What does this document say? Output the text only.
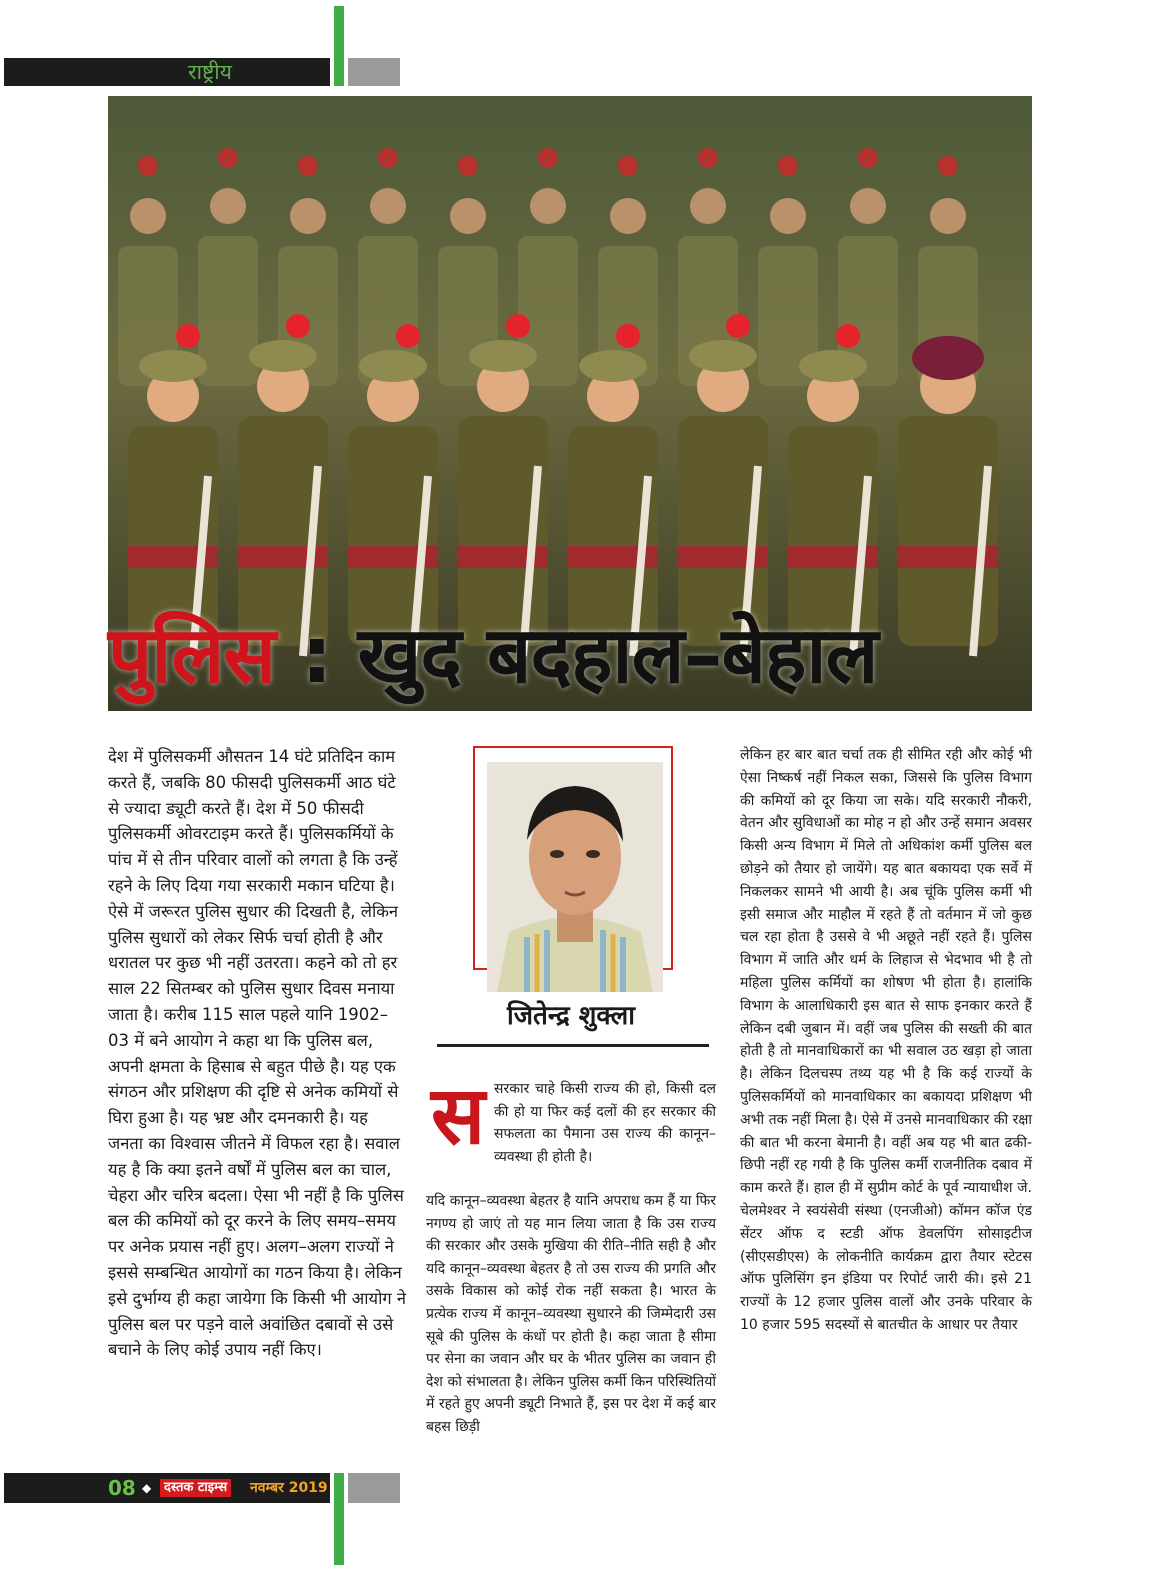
राष्ट्रीय
पुलिस : खुद बदहाल–बेहाल

देश में पुलिसकर्मी औसतन 14 घंटे प्रतिदिन काम करते हैं, जबकि 80 फीसदी पुलिसकर्मी आठ घंटे से ज्यादा ड्यूटी करते हैं। देश में 50 फीसदी पुलिसकर्मी ओवरटाइम करते हैं। पुलिसकर्मियों के पांच में से तीन परिवार वालों को लगता है कि उन्हें रहने के लिए दिया गया सरकारी मकान घटिया है। ऐसे में जरूरत पुलिस सुधार की दिखती है, लेकिन पुलिस सुधारों को लेकर सिर्फ चर्चा होती है और धरातल पर कुछ भी नहीं उतरता। कहने को तो हर साल 22 सितम्बर को पुलिस सुधार दिवस मनाया जाता है। करीब 115 साल पहले यानि 1902–03 में बने आयोग ने कहा था कि पुलिस बल, अपनी क्षमता के हिसाब से बहुत पीछे है। यह एक संगठन और प्रशिक्षण की दृष्टि से अनेक कमियों से घिरा हुआ है। यह भ्रष्ट और दमनकारी है। यह जनता का विश्वास जीतने में विफल रहा है। सवाल यह है कि क्या इतने वर्षों में पुलिस बल का चाल, चेहरा और चरित्र बदला। ऐसा भी नहीं है कि पुलिस बल की कमियों को दूर करने के लिए समय–समय पर अनेक प्रयास नहीं हुए। अलग–अलग राज्यों ने इससे सम्बन्धित आयोगों का गठन किया है। लेकिन इसे दुर्भाग्य ही कहा जायेगा कि किसी भी आयोग ने पुलिस बल पर पड़ने वाले अवांछित दबावों से उसे बचाने के लिए कोई उपाय नहीं किए।

जितेन्द्र शुक्ला
स सरकार चाहे किसी राज्य की हो, किसी दल की हो या फिर कई दलों की हर सरकार की सफलता का पैमाना उस राज्य की कानून–व्यवस्था ही होती है।

यदि कानून–व्यवस्था बेहतर है यानि अपराध कम हैं या फिर नगण्य हो जाएं तो यह मान लिया जाता है कि उस राज्य की सरकार और उसके मुखिया की रीति–नीति सही है और यदि कानून–व्यवस्था बेहतर है तो उस राज्य की प्रगति और उसके विकास को कोई रोक नहीं सकता है। भारत के प्रत्येक राज्य में कानून–व्यवस्था सुधारने की जिम्मेदारी उस सूबे की पुलिस के कंधों पर होती है। कहा जाता है सीमा पर सेना का जवान और घर के भीतर पुलिस का जवान ही देश को संभालता है। लेकिन पुलिस कर्मी किन परिस्थितियों में रहते हुए अपनी ड्यूटी निभाते हैं, इस पर देश में कई बार बहस छिड़ी

लेकिन हर बार बात चर्चा तक ही सीमित रही और कोई भी ऐसा निष्कर्ष नहीं निकल सका, जिससे कि पुलिस विभाग की कमियों को दूर किया जा सके। यदि सरकारी नौकरी, वेतन और सुविधाओं का मोह न हो और उन्हें समान अवसर किसी अन्य विभाग में मिले तो अधिकांश कर्मी पुलिस बल छोड़ने को तैयार हो जायेंगे। यह बात बकायदा एक सर्वे में निकलकर सामने भी आयी है। अब चूंकि पुलिस कर्मी भी इसी समाज और माहौल में रहते हैं तो वर्तमान में जो कुछ चल रहा होता है उससे वे भी अछूते नहीं रहते हैं। पुलिस विभाग में जाति और धर्म के लिहाज से भेदभाव भी है तो महिला पुलिस कर्मियों का शोषण भी होता है। हालांकि विभाग के आलाधिकारी इस बात से साफ इनकार करते हैं लेकिन दबी जुबान में। वहीं जब पुलिस की सख्ती की बात होती है तो मानवाधिकारों का भी सवाल उठ खड़ा हो जाता है। लेकिन दिलचस्प तथ्य यह भी है कि कई राज्यों के पुलिसकर्मियों को मानवाधिकार का बकायदा प्रशिक्षण भी अभी तक नहीं मिला है। ऐसे में उनसे मानवाधिकार की रक्षा की बात भी करना बेमानी है। वहीं अब यह भी बात ढकी-छिपी नहीं रह गयी है कि पुलिस कर्मी राजनीतिक दबाव में काम करते हैं। हाल ही में सुप्रीम कोर्ट के पूर्व न्यायाधीश जे. चेलमेश्वर ने स्वयंसेवी संस्था (एनजीओ) कॉमन कॉज एंड सेंटर ऑफ द स्टडी ऑफ डेवलपिंग सोसाइटीज (सीएसडीएस) के लोकनीति कार्यक्रम द्वारा तैयार स्टेटस ऑफ पुलिसिंग इन इंडिया पर रिपोर्ट जारी की। इसे 21 राज्यों के 12 हजार पुलिस वालों और उनके परिवार के 10 हजार 595 सदस्यों से बातचीत के आधार पर तैयार

08 ◆ दस्तक टाइम्स नवम्बर 2019
